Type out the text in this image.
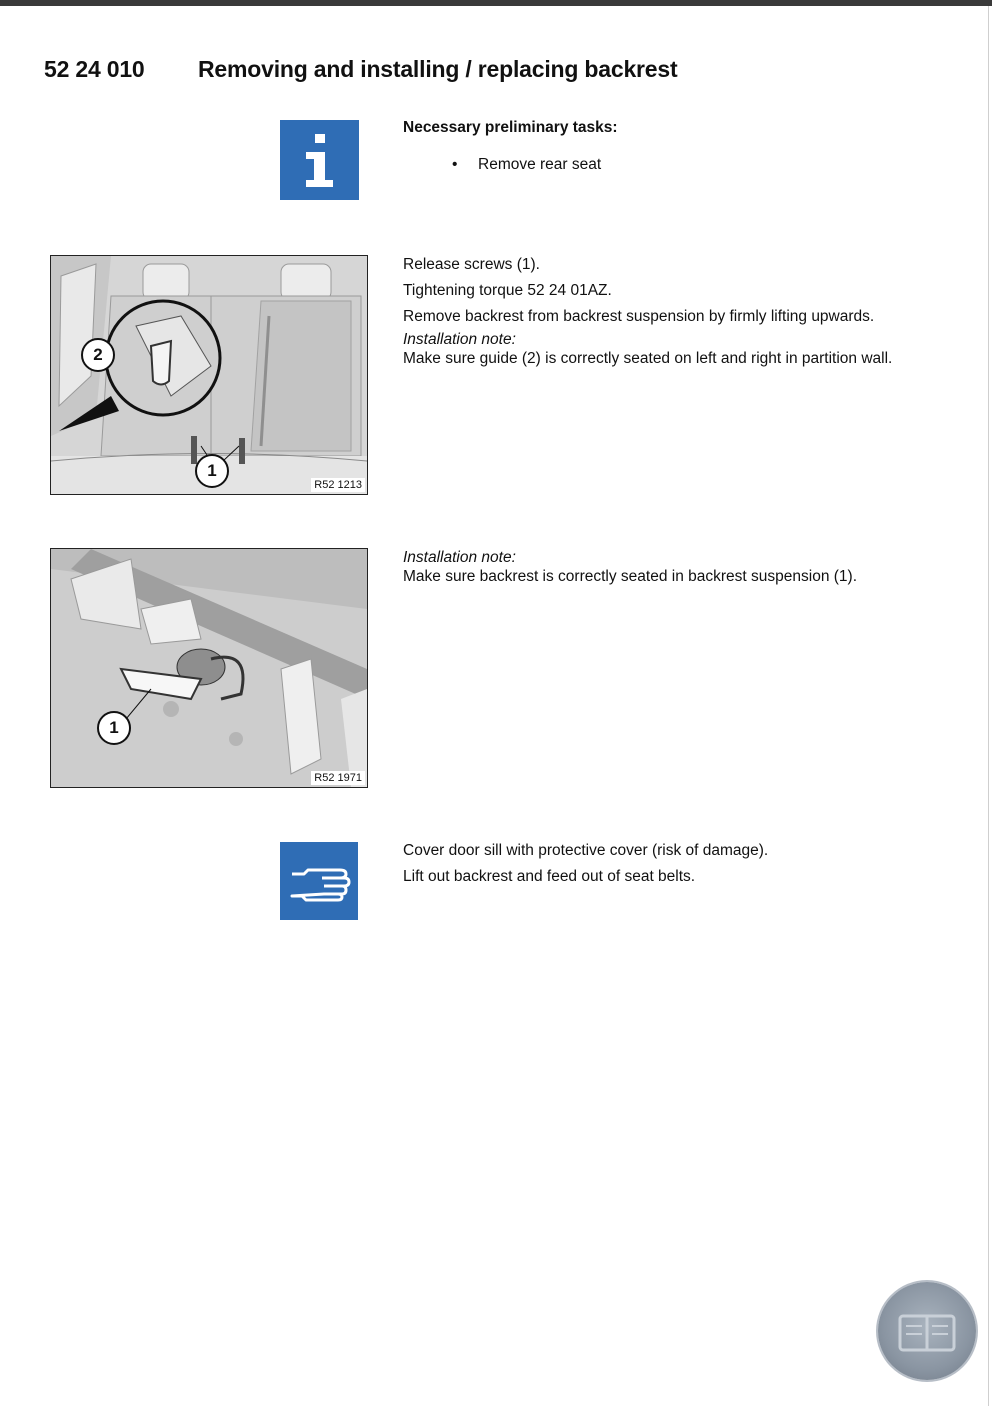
52 24 010 Removing and installing / replacing backrest
Necessary preliminary tasks:
• Remove rear seat
2
1
R52 1213

Release screws (1).

Tightening torque 52 24 01AZ.

Remove backrest from backrest suspension by firmly lifting upwards.

Installation note:

Make sure guide (2) is correctly seated on left and right in partition wall.

1
R52 1971

Installation note:

Make sure backrest is correctly seated in backrest suspension (1).

Cover door sill with protective cover (risk of damage).

Lift out backrest and feed out of seat belts.
